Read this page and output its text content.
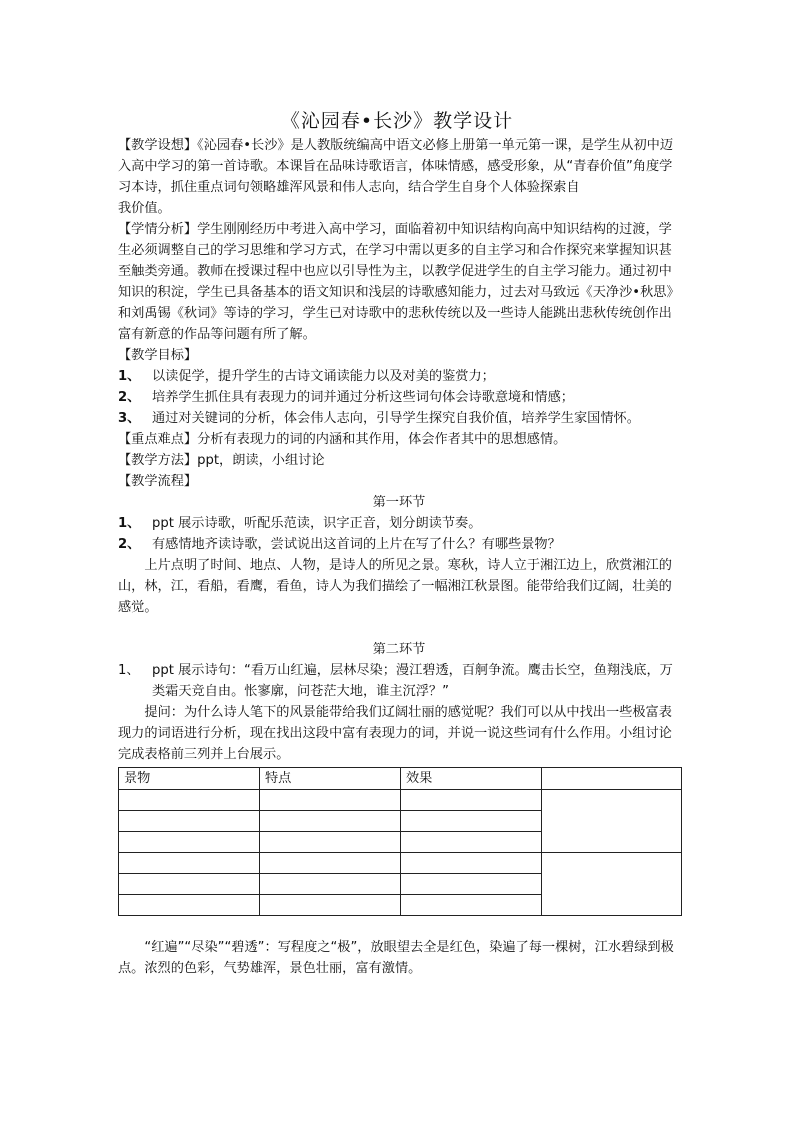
《沁园春•长沙》教学设计

【教学设想】《沁园春•长沙》是人教版统编高中语文必修上册第一单元第一课，是学生从初中迈入高中学习的第一首诗歌。本课旨在品味诗歌语言，体味情感，感受形象，从“青春价值”角度学习本诗，抓住重点词句领略雄浑风景和伟人志向，结合学生自身个人体验探索自

我价值。

【学情分析】学生刚刚经历中考进入高中学习，面临着初中知识结构向高中知识结构的过渡，学生必须调整自己的学习思维和学习方式，在学习中需以更多的自主学习和合作探究来掌握知识甚至触类旁通。教师在授课过程中也应以引导性为主，以教学促进学生的自主学习能力。通过初中知识的积淀，学生已具备基本的语文知识和浅层的诗歌感知能力，过去对马致远《天净沙•秋思》和刘禹锡《秋词》等诗的学习，学生已对诗歌中的悲秋传统以及一些诗人能跳出悲秋传统创作出富有新意的作品等问题有所了解。

【教学目标】

1、 以读促学，提升学生的古诗文诵读能力以及对美的鉴赏力；
2、 培养学生抓住具有表现力的词并通过分析这些词句体会诗歌意境和情感；
3、 通过对关键词的分析，体会伟人志向，引导学生探究自我价值，培养学生家国情怀。

【重点难点】分析有表现力的词的内涵和其作用，体会作者其中的思想感情。

【教学方法】ppt，朗读，小组讨论

【教学流程】

第一环节

1、 ppt 展示诗歌，听配乐范读，识字正音，划分朗读节奏。
2、 有感情地齐读诗歌，尝试说出这首词的上片在写了什么？有哪些景物？

上片点明了时间、地点、人物，是诗人的所见之景。寒秋，诗人立于湘江边上，欣赏湘江的山，林，江，看船，看鹰，看鱼，诗人为我们描绘了一幅湘江秋景图。能带给我们辽阔，壮美的感觉。

第二环节

1、 ppt 展示诗句：“看万山红遍，层林尽染；漫江碧透，百舸争流。鹰击长空，鱼翔浅底，万类霜天竞自由。怅寥廓，问苍茫大地，谁主沉浮？”

提问：为什么诗人笔下的风景能带给我们辽阔壮丽的感觉呢？我们可以从中找出一些极富表现力的词语进行分析，现在找出这段中富有表现力的词，并说一说这些词有什么作用。小组讨论完成表格前三列并上台展示。

景物	特点	效果	

“红遍”“尽染”“碧透”：写程度之“极”，放眼望去全是红色，染遍了每一棵树，江水碧绿到极点。浓烈的色彩，气势雄浑，景色壮丽，富有激情。
